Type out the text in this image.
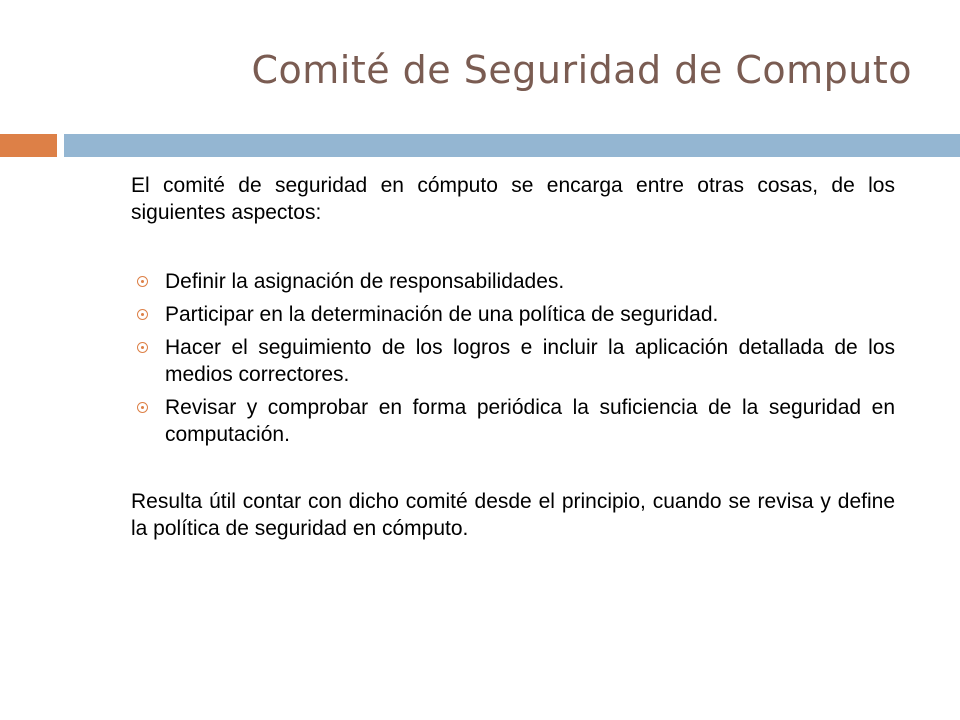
Comité de Seguridad de Computo

El comité de seguridad en cómputo se encarga entre otras cosas, de los siguientes aspectos:

Definir la asignación de responsabilidades.
Participar en la determinación de una política de seguridad.
Hacer el seguimiento de los logros e incluir la aplicación detallada de los medios correctores.
Revisar y comprobar en forma periódica la suficiencia de la seguridad en computación.

Resulta útil contar con dicho comité desde el principio, cuando se revisa y define la política de seguridad en cómputo.
